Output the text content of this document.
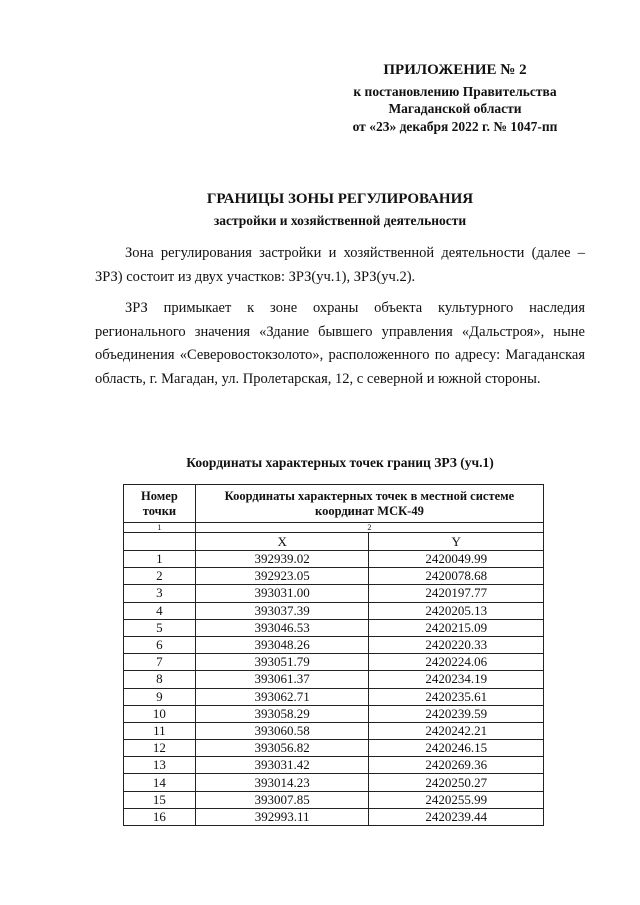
ПРИЛОЖЕНИЕ № 2
к постановлению Правительства
Магаданской области
от «23» декабря 2022 г. № 1047-пп
ГРАНИЦЫ ЗОНЫ РЕГУЛИРОВАНИЯ
застройки и хозяйственной деятельности

Зона регулирования застройки и хозяйственной деятельности (далее – ЗРЗ) состоит из двух участков: ЗРЗ(уч.1), ЗРЗ(уч.2).

ЗРЗ примыкает к зоне охраны объекта культурного наследия регионального значения «Здание бывшего управления «Дальстроя», ныне объединения «Северовостокзолото», расположенного по адресу: Магаданская область, г. Магадан, ул. Пролетарская, 12, с северной и южной стороны.

Координаты характерных точек границ ЗРЗ (уч.1)
Номер точки	Координаты характерных точек в местной системе координат МСК-49	
1	2	
	X	Y
1	392939.02	2420049.99
2	392923.05	2420078.68
3	393031.00	2420197.77
4	393037.39	2420205.13
5	393046.53	2420215.09
6	393048.26	2420220.33
7	393051.79	2420224.06
8	393061.37	2420234.19
9	393062.71	2420235.61
10	393058.29	2420239.59
11	393060.58	2420242.21
12	393056.82	2420246.15
13	393031.42	2420269.36
14	393014.23	2420250.27
15	393007.85	2420255.99
16	392993.11	2420239.44
